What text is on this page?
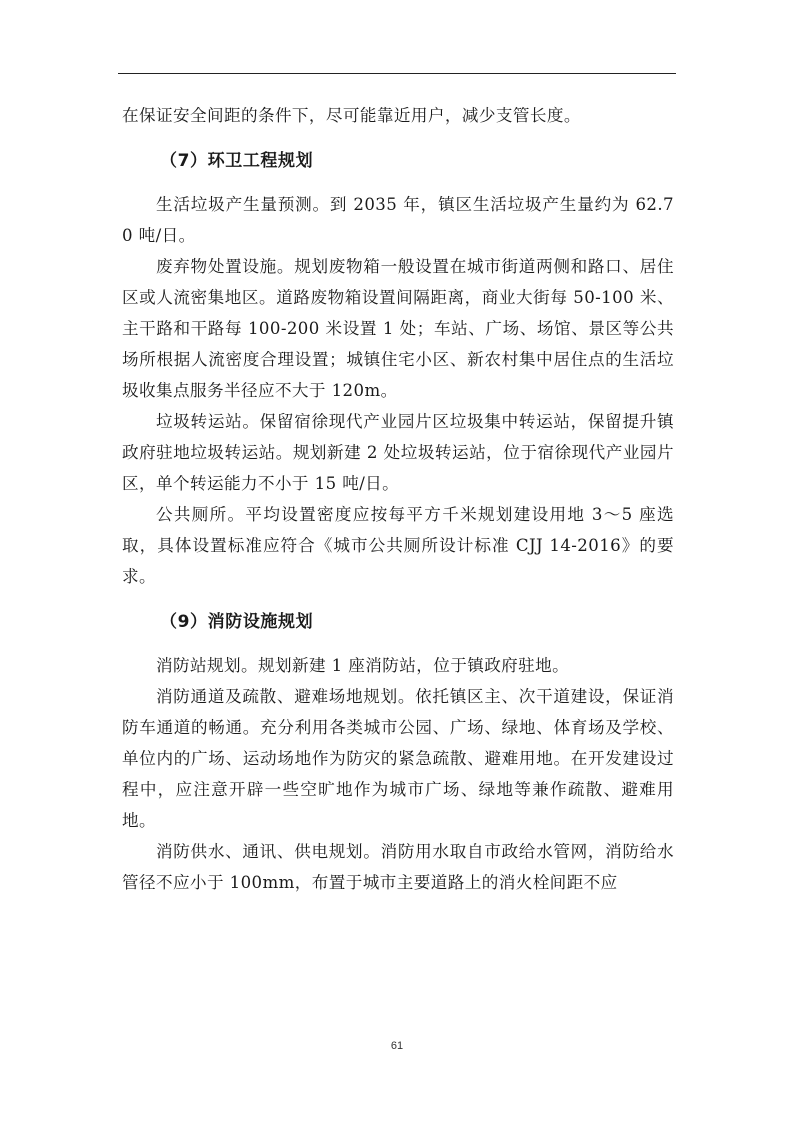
在保证安全间距的条件下，尽可能靠近用户，减少支管长度。

（7）环卫工程规划

生活垃圾产生量预测。到 2035 年，镇区生活垃圾产生量约为 62.70 吨/日。

废弃物处置设施。规划废物箱一般设置在城市街道两侧和路口、居住区或人流密集地区。道路废物箱设置间隔距离，商业大街每 50-100 米、主干路和干路每 100-200 米设置 1 处；车站、广场、场馆、景区等公共场所根据人流密度合理设置；城镇住宅小区、新农村集中居住点的生活垃圾收集点服务半径应不大于 120m。

垃圾转运站。保留宿徐现代产业园片区垃圾集中转运站，保留提升镇政府驻地垃圾转运站。规划新建 2 处垃圾转运站，位于宿徐现代产业园片区，单个转运能力不小于 15 吨/日。

公共厕所。平均设置密度应按每平方千米规划建设用地 3～5 座选取，具体设置标准应符合《城市公共厕所设计标准 CJJ 14-2016》的要求。

（9）消防设施规划

消防站规划。规划新建 1 座消防站，位于镇政府驻地。

消防通道及疏散、避难场地规划。依托镇区主、次干道建设，保证消防车通道的畅通。充分利用各类城市公园、广场、绿地、体育场及学校、单位内的广场、运动场地作为防灾的紧急疏散、避难用地。在开发建设过程中，应注意开辟一些空旷地作为城市广场、绿地等兼作疏散、避难用地。

消防供水、通讯、供电规划。消防用水取自市政给水管网，消防给水管径不应小于 100mm，布置于城市主要道路上的消火栓间距不应

61
